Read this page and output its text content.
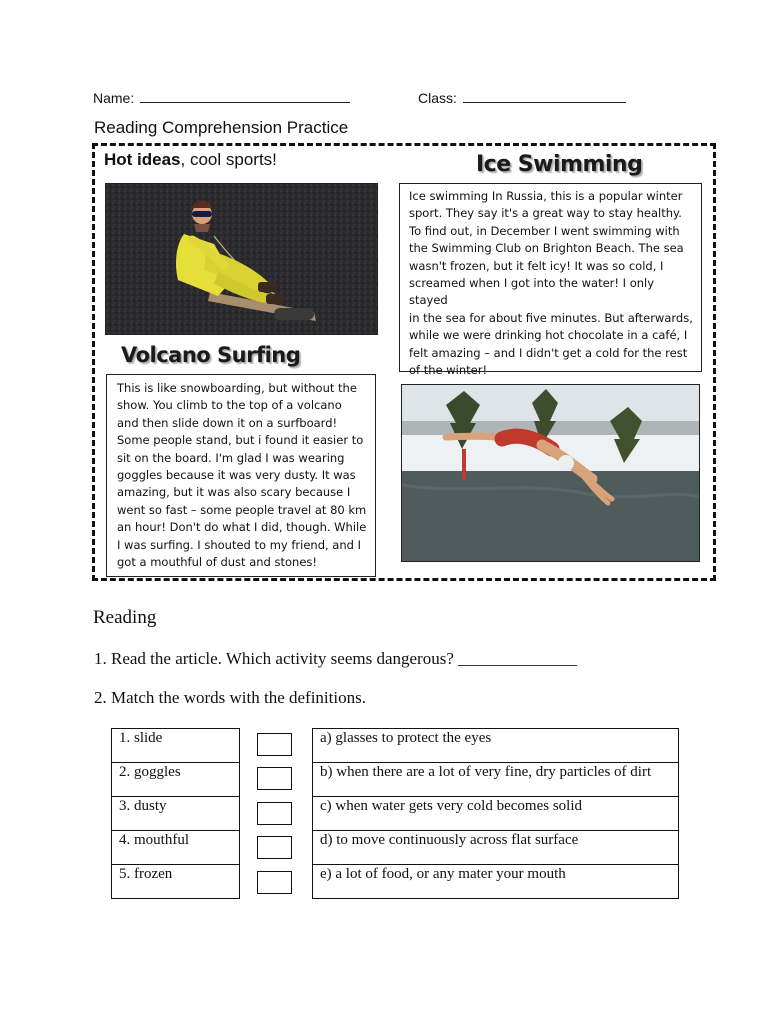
Name:	Class:
Reading Comprehension Practice
Hot ideas, cool sports!	Ice Swimming
Volcano Surfing
Ice swimming In Russia, this is a popular winter
sport. They say it's a great way to stay healthy.
To find out, in December I went swimming with
the Swimming Club on Brighton Beach. The sea
wasn't frozen, but it felt icy! It was so cold, I
screamed when I got into the water! I only stayed
in the sea for about five minutes. But afterwards,
while we were drinking hot chocolate in a café, I
felt amazing – and I didn't get a cold for the rest
of the winter!
This is like snowboarding, but without the
show. You climb to the top of a volcano
and then slide down it on a surfboard!
Some people stand, but i found it easier to
sit on the board. I'm glad I was wearing
goggles because it was very dusty. It was
amazing, but it was also scary because I
went so fast – some people travel at 80 km
an hour! Don't do what I did, though. While
I was surfing. I shouted to my friend, and I
got a mouthful of dust and stones!
Reading
1. Read the article. Which activity seems dangerous? ______________
2. Match the words with the definitions.
1. slide
2. goggles
3. dusty
4. mouthful
5. frozen
a) glasses to protect the eyes
b) when there are a lot of very fine, dry particles of dirt
c) when water gets very cold becomes solid
d) to move continuously across flat surface
e) a lot of food, or any mater your mouth
